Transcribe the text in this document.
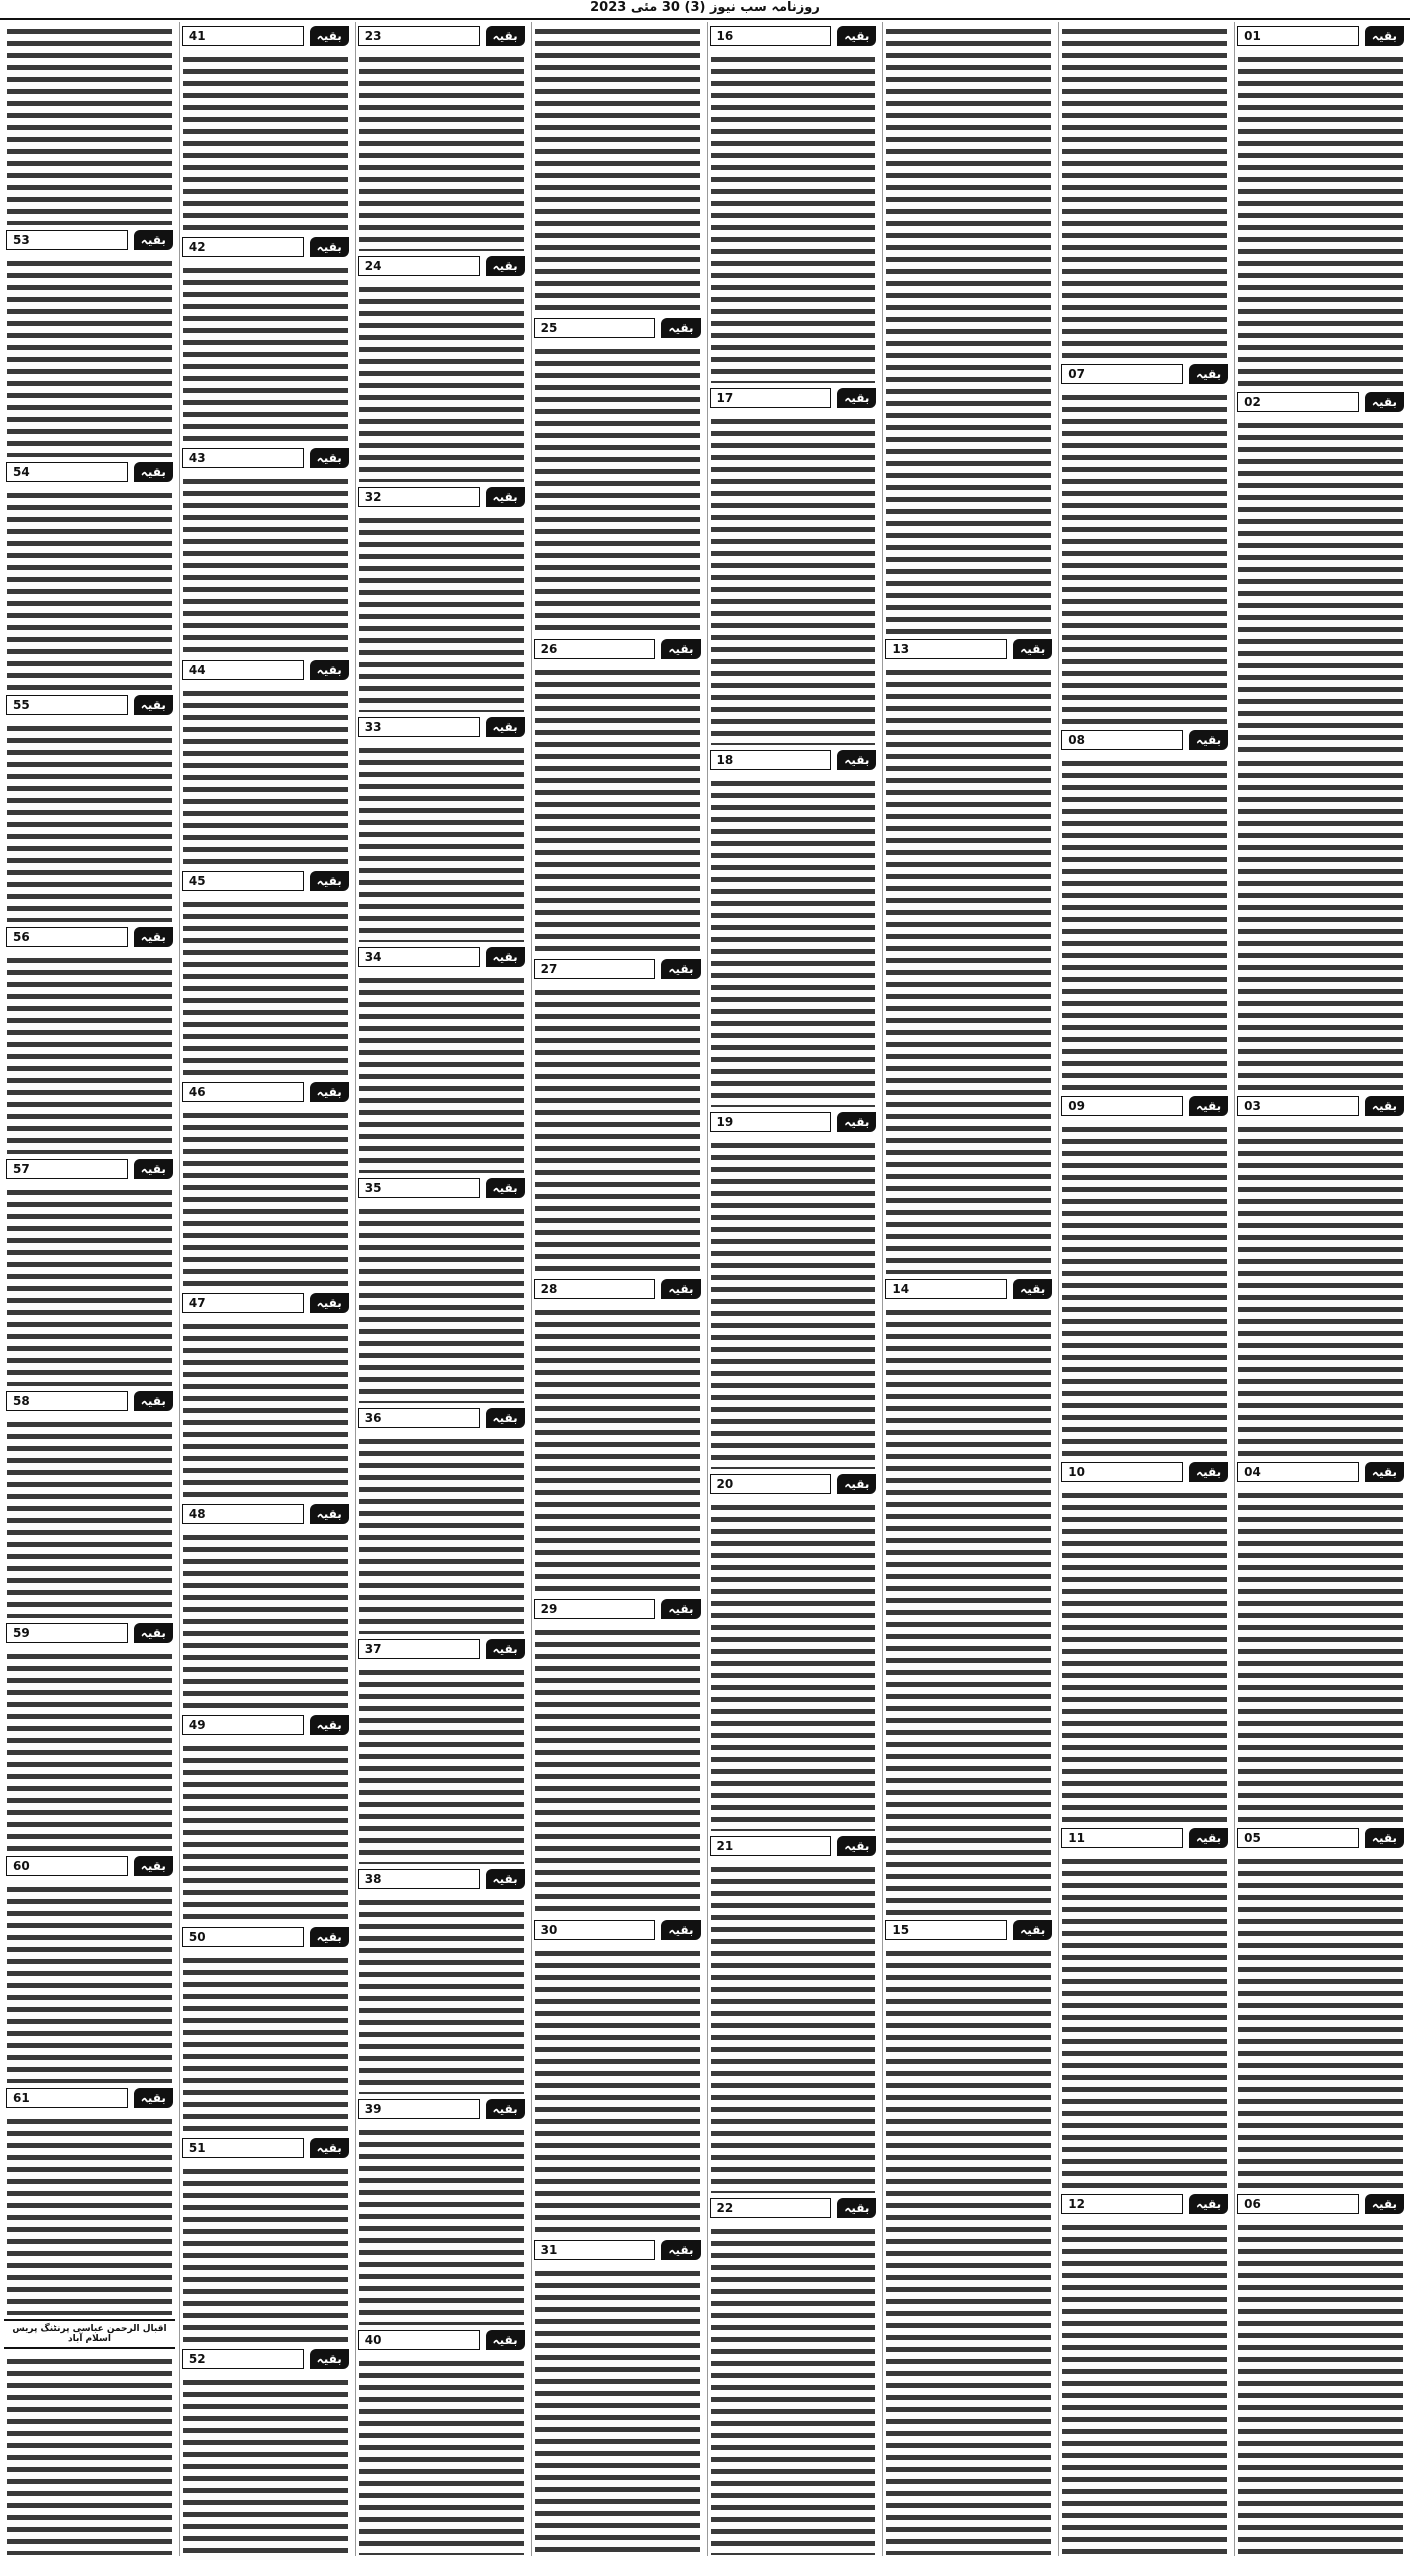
روزنامہ سب نیوز (3) 30 مئی 2023
بقیہ
01
بقیہ
02
بقیہ
03
بقیہ
04
بقیہ
05
بقیہ
06
بقیہ
07
بقیہ
08
بقیہ
09
بقیہ
10
بقیہ
11
بقیہ
12
بقیہ
13
بقیہ
14
بقیہ
15
بقیہ
16
بقیہ
17
بقیہ
18
بقیہ
19
بقیہ
20
بقیہ
21
بقیہ
22
بقیہ
25
بقیہ
26
بقیہ
27
بقیہ
28
بقیہ
29
بقیہ
30
بقیہ
31
بقیہ
23
بقیہ
24
بقیہ
32
بقیہ
33
بقیہ
34
بقیہ
35
بقیہ
36
بقیہ
37
بقیہ
38
بقیہ
39
بقیہ
40
بقیہ
41
بقیہ
42
بقیہ
43
بقیہ
44
بقیہ
45
بقیہ
46
بقیہ
47
بقیہ
48
بقیہ
49
بقیہ
50
بقیہ
51
بقیہ
52
بقیہ
53
بقیہ
54
بقیہ
55
بقیہ
56
بقیہ
57
بقیہ
58
بقیہ
59
بقیہ
60
بقیہ
61
اقبال الرحمن عباسی پرنٹنگ پریس اسلام آباد
